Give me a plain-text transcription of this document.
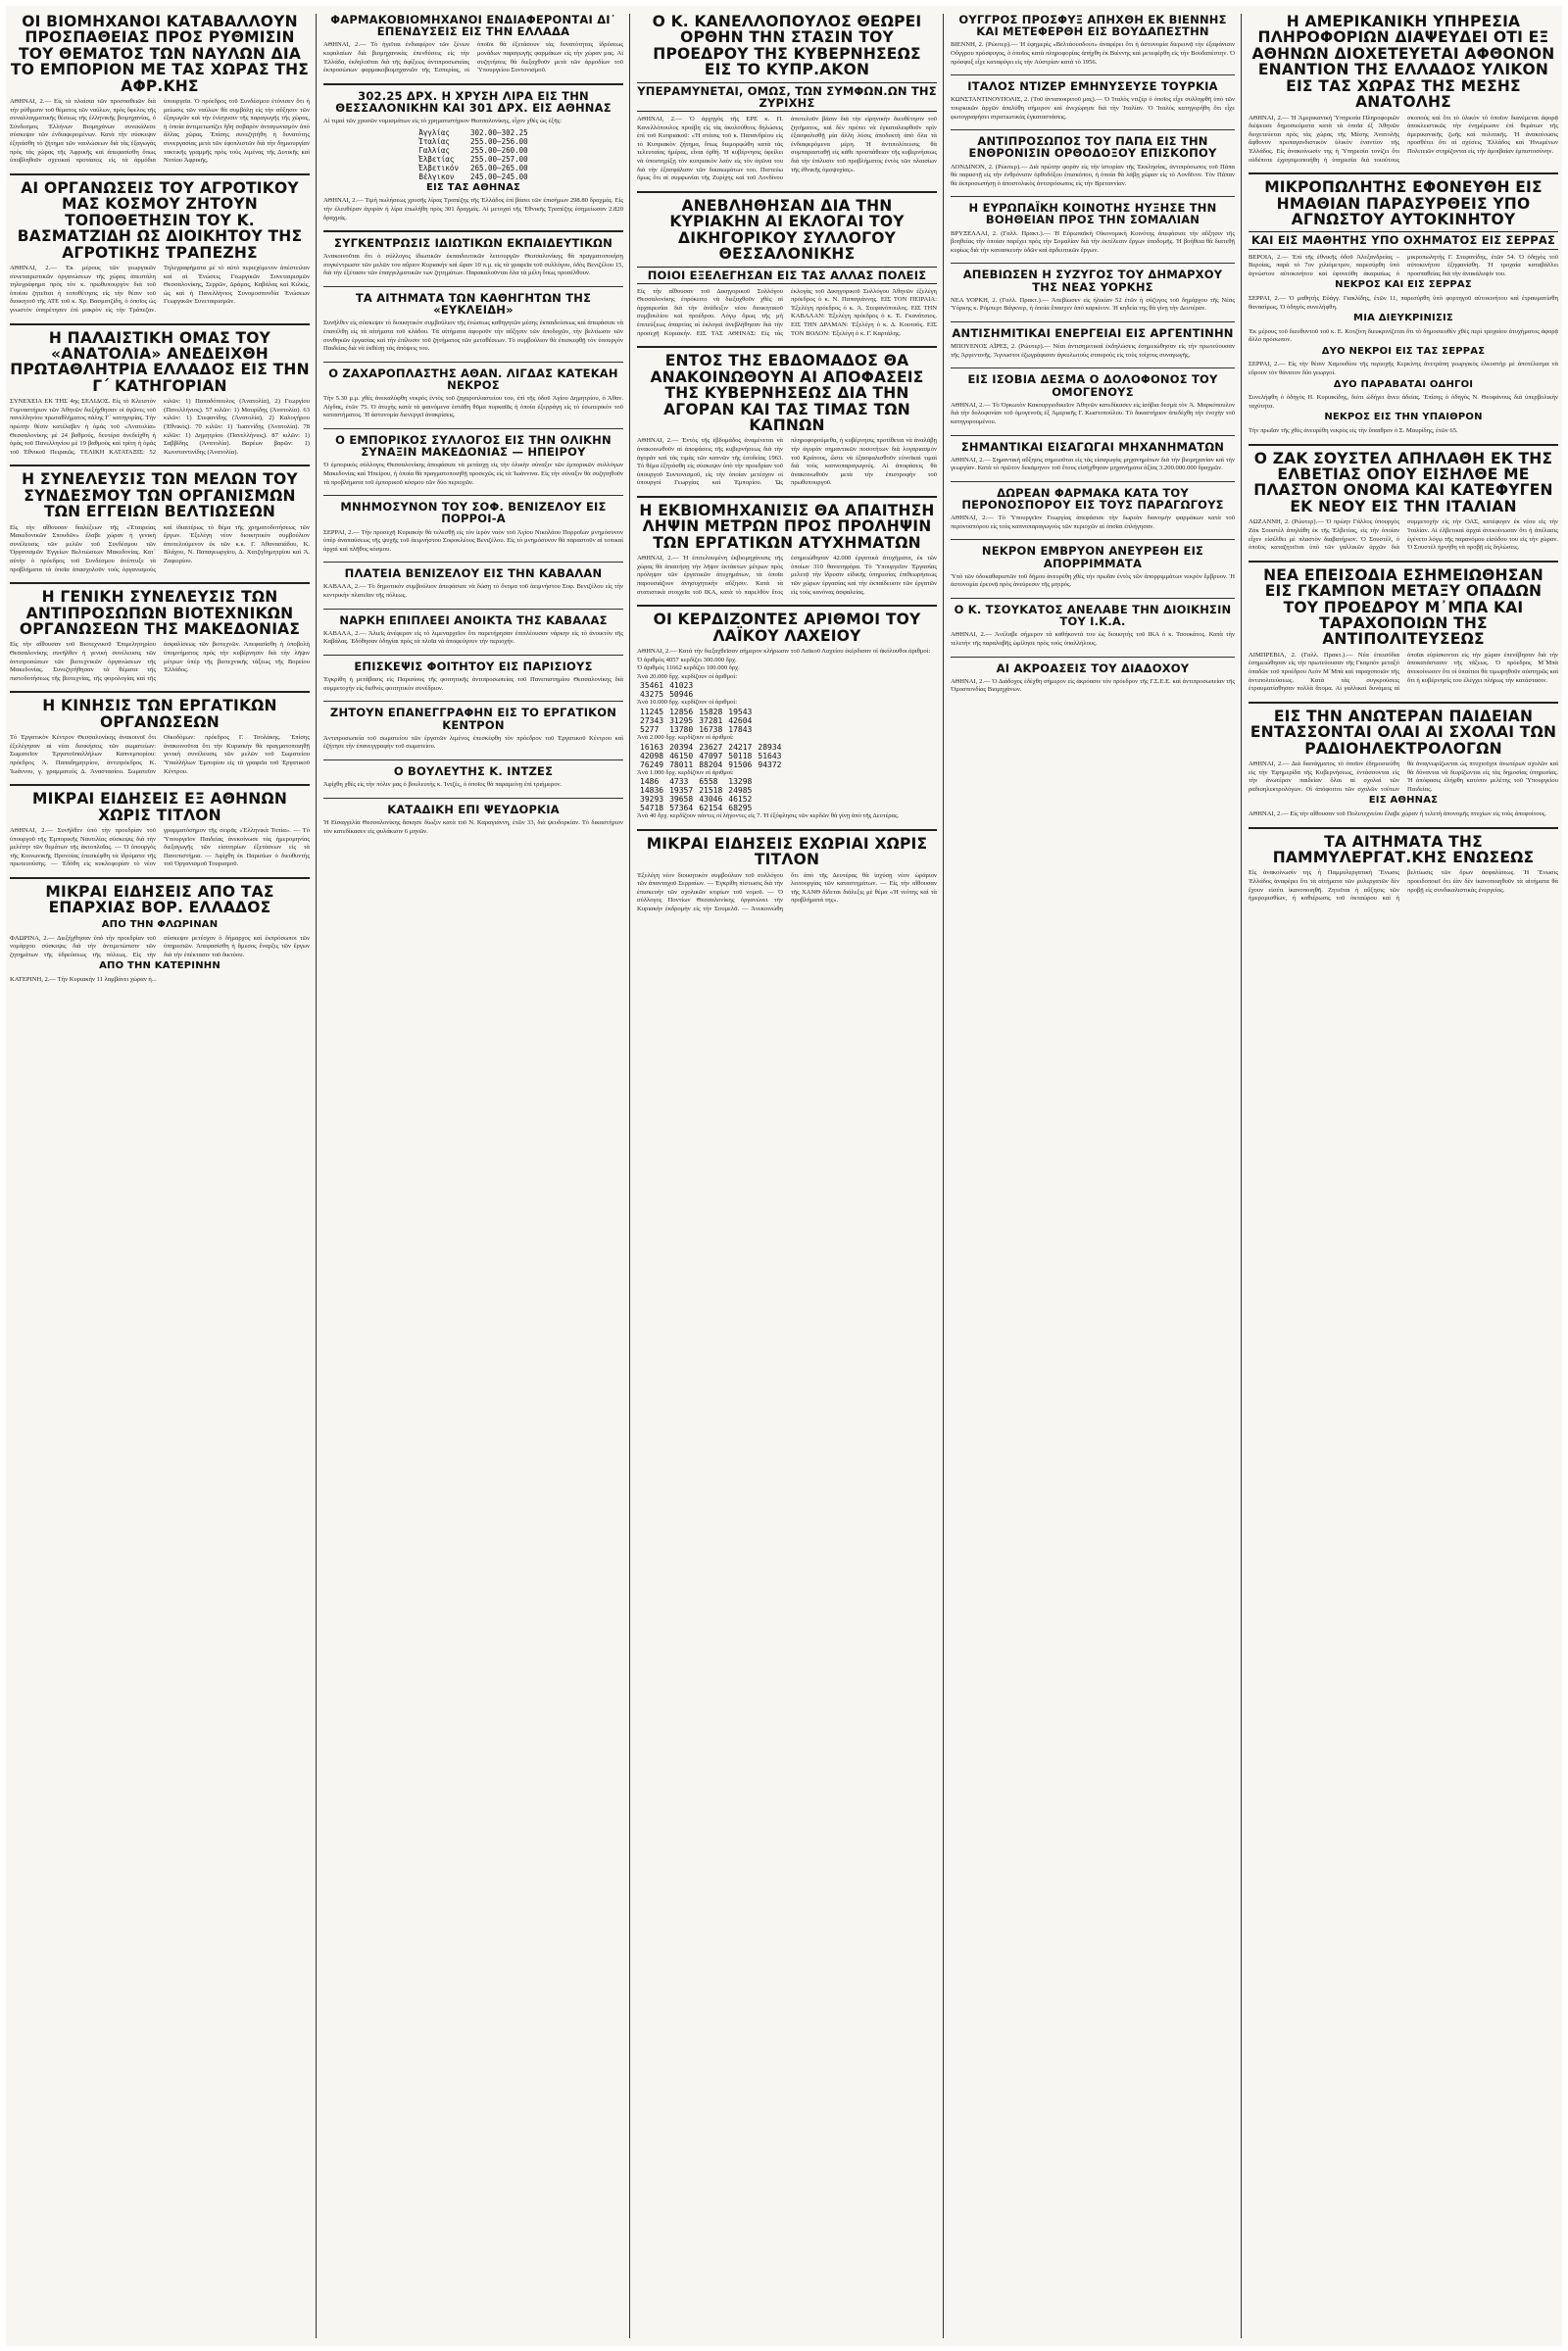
ΟΙ ΒΙΟΜΗΧΑΝΟΙ ΚΑΤΑΒΑΛΛΟΥΝ ΠΡΟΣΠΑΘΕΙΑΣ ΠΡΟΣ ΡΥΘΜΙΣΙΝ ΤΟΥ ΘΕΜΑΤΟΣ ΤΩΝ ΝΑΥΛΩΝ ΔΙΑ ΤΟ ΕΜΠΟΡΙΟΝ ΜΕ ΤΑΣ ΧΩΡΑΣ ΤΗΣ ΑΦΡ.ΚΗΣ

ΑΘΗΝΑΙ, 2.— Εἰς τὰ πλαίσια τῶν προσπαθειῶν διὰ τὴν ρύθμισιν τοῦ θέματος τῶν ναύλων, πρὸς ὄφελος τῆς συναλλαγματικῆς θέσεως τῆς ἑλληνικῆς βιομηχανίας, ὁ Σύνδεσμος Ἑλλήνων Βιομηχάνων συνεκάλεσε σύσκεψιν τῶν ἐνδιαφερομένων. Κατὰ τὴν σύσκεψιν ἐξητάσθη τὸ ζήτημα τῶν ναυλώσεων διὰ τὰς ἐξαγωγὰς πρὸς τὰς χώρας τῆς Ἀφρικῆς καὶ ἀπεφασίσθη ὅπως ὑποβληθοῦν σχετικαὶ προτάσεις εἰς τὰ ἁρμόδια ὑπουργεῖα. Ὁ πρόεδρος τοῦ Συνδέσμου ἐτόνισεν ὅτι ἡ μείωσις τῶν ναύλων θὰ συμβάλῃ εἰς τὴν αὔξησιν τῶν ἐξαγωγῶν καὶ τὴν ἐνίσχυσιν τῆς παραγωγῆς τῆς χώρας, ἡ ὁποία ἀντιμετωπίζει ἤδη σοβαρὸν ἀνταγωνισμὸν ἀπὸ ἄλλας χώρας. Ἐπίσης συνεζητήθη ἡ δυνατότης συνεργασίας μετὰ τῶν ἐφοπλιστῶν διὰ τὴν δημιουργίαν τακτικῆς γραμμῆς πρὸς τοὺς λιμένας τῆς Δυτικῆς καὶ Νοτίου Ἀφρικῆς.

ΑΙ ΟΡΓΑΝΩΣΕΙΣ ΤΟΥ ΑΓΡΟΤΙΚΟΥ ΜΑΣ ΚΟΣΜΟΥ ΖΗΤΟΥΝ ΤΟΠΟΘΕΤΗΣΙΝ ΤΟΥ Κ. ΒΑΣΜΑΤΖΙΔΗ ΩΣ ΔΙΟΙΚΗΤΟΥ ΤΗΣ ΑΓΡΟΤΙΚΗΣ ΤΡΑΠΕΖΗΣ

ΑΘΗΝΑΙ, 2.— Ἐκ μέρους τῶν γεωργικῶν συνεταιριστικῶν ὀργανώσεων τῆς χώρας ἀπεστάλη τηλεγράφημα πρὸς τὸν κ. πρωθυπουργὸν διὰ τοῦ ὁποίου ζητεῖται ἡ τοποθέτησις εἰς τὴν θέσιν τοῦ διοικητοῦ τῆς ΑΤΕ τοῦ κ. Χρ. Βασματζίδη, ὁ ὁποῖος ὡς γνωστὸν ὑπηρέτησεν ἐπὶ μακρὸν εἰς τὴν Τράπεζαν. Τηλεγραφήματα μὲ τὸ αὐτὸ περιεχόμενον ἀπέστειλαν καὶ αἱ Ἑνώσεις Γεωργικῶν Συνεταιρισμῶν Θεσσαλονίκης, Σερρῶν, Δράμας, Καβάλας καὶ Κιλκὶς, ὡς καὶ ἡ Πανελλήνιος Συνομοσπονδία Ἑνώσεων Γεωργικῶν Συνεταιρισμῶν.

Η ΠΑΛΑΙΣΤΙΚΗ ΟΜΑΣ ΤΟΥ «ΑΝΑΤΟΛΙΑ» ΑΝΕΔΕΙΧΘΗ ΠΡΩΤΑΘΛΗΤΡΙΑ ΕΛΛΑΔΟΣ ΕΙΣ ΤΗΝ Γ΄ ΚΑΤΗΓΟΡΙΑΝ

ΣΥΝΕΧΕΙΑ ΕΚ ΤΗΣ 4ης ΣΕΛΙΔΟΣ. Εἰς τὸ Κλειστὸν Γυμναστήριον τῶν Ἀθηνῶν διεξήχθησαν οἱ ἀγῶνες τοῦ πανελληνίου πρωταθλήματος πάλης Γ΄ κατηγορίας. Τὴν πρώτην θέσιν κατέλαβεν ἡ ὁμὰς τοῦ «Ἀνατολία» Θεσσαλονίκης μὲ 24 βαθμούς, δευτέρα ἀνεδείχθη ἡ ὁμὰς τοῦ Πανελληνίου μὲ 19 βαθμοὺς καὶ τρίτη ἡ ὁμὰς τοῦ Ἐθνικοῦ Πειραιῶς. ΤΕΛΙΚΗ ΚΑΤΑΤΑΞΙΣ: 52 κιλῶν: 1) Παπαδόπουλος (Ἀνατολία), 2) Γεωργίου (Πανελλήνιος). 57 κιλῶν: 1) Μαυρίδης (Ἀνατολία). 63 κιλῶν: 1) Στεφανίδης (Ἀνατολία), 2) Καλογήρου (Ἐθνικός). 70 κιλῶν: 1) Ἰωαννίδης (Ἀνατολία). 78 κιλῶν: 1) Δημητρίου (Πανελλήνιος). 87 κιλῶν: 1) Σαββίδης (Ἀνατολία). Βαρέων βαρῶν: 1) Κωνσταντινίδης (Ἀνατολία).

Η ΣΥΝΕΛΕΥΣΙΣ ΤΩΝ ΜΕΛΩΝ ΤΟΥ ΣΥΝΔΕΣΜΟΥ ΤΩΝ ΟΡΓΑΝΙΣΜΩΝ ΤΩΝ ΕΓΓΕΙΩΝ ΒΕΛΤΙΩΣΕΩΝ

Εἰς τὴν αἴθουσαν διαλέξεων τῆς «Ἑταιρείας Μακεδονικῶν Σπουδῶν» ἔλαβε χώραν ἡ γενικὴ συνέλευσις τῶν μελῶν τοῦ Συνδέσμου τῶν Ὀργανισμῶν Ἐγγείων Βελτιώσεων Μακεδονίας. Κατ᾽ αὐτὴν ὁ πρόεδρος τοῦ Συνδέσμου ἀνέπτυξε τὰ προβλήματα τὰ ὁποῖα ἀπασχολοῦν τοὺς ὀργανισμοὺς καὶ ἰδιαιτέρως τὸ θέμα τῆς χρηματοδοτήσεως τῶν ἔργων. Ἐξελέγη νέον διοικητικὸν συμβούλιον ἀποτελούμενον ἐκ τῶν κ.κ. Γ. Ἀθανασιάδου, Κ. Βλάχου, Ν. Παπαγεωργίου, Δ. Χατζηδημητρίου καὶ Ἀ. Ζαφειρίου.

Η ΓΕΝΙΚΗ ΣΥΝΕΛΕΥΣΙΣ ΤΩΝ ΑΝΤΙΠΡΟΣΩΠΩΝ ΒΙΟΤΕΧΝΙΚΩΝ ΟΡΓΑΝΩΣΕΩΝ ΤΗΣ ΜΑΚΕΔΟΝΙΑΣ

Εἰς τὴν αἴθουσαν τοῦ Βιοτεχνικοῦ Ἐπιμελητηρίου Θεσσαλονίκης συνῆλθεν ἡ γενικὴ συνέλευσις τῶν ἀντιπροσώπων τῶν βιοτεχνικῶν ὀργανώσεων τῆς Μακεδονίας. Συνεζητήθησαν τὰ θέματα τῆς πιστοδοτήσεως τῆς βιοτεχνίας, τῆς φορολογίας καὶ τῆς ἀσφαλίσεως τῶν βιοτεχνῶν. Ἀπεφασίσθη ἡ ὑποβολὴ ὑπομνήματος πρὸς τὴν κυβέρνησιν διὰ τὴν λῆψιν μέτρων ὑπὲρ τῆς βιοτεχνικῆς τάξεως τῆς Βορείου Ἑλλάδος.

Η ΚΙΝΗΣΙΣ ΤΩΝ ΕΡΓΑΤΙΚΩΝ ΟΡΓΑΝΩΣΕΩΝ

Τὸ Ἐργατικὸν Κέντρον Θεσσαλονίκης ἀνακοινοῖ ὅτι ἐξελέγησαν αἱ νέαι διοικήσεις τῶν σωματείων: Σωματεῖον Ἐργατοϋπαλλήλων Καπνεμπορίου: πρόεδρος Ἀ. Παπαδημητρίου, ἀντιπρόεδρος Κ. Ἰωάννου, γ. γραμματεὺς Δ. Ἀναστασίου. Σωματεῖον Οἰκοδόμων: πρόεδρος Γ. Τσολάκης. Ἐπίσης ἀνακοινοῦται ὅτι τὴν Κυριακὴν θὰ πραγματοποιηθῇ γενικὴ συνέλευσις τῶν μελῶν τοῦ Σωματείου Ὑπαλλήλων Ἐμπορίου εἰς τὰ γραφεῖα τοῦ Ἐργατικοῦ Κέντρου.

ΜΙΚΡΑΙ ΕΙΔΗΣΕΙΣ ΕΞ ΑΘΗΝΩΝ ΧΩΡΙΣ ΤΙΤΛΟΝ

ΑΘΗΝΑΙ, 2.— Συνῆλθεν ὑπὸ τὴν προεδρίαν τοῦ ὑπουργοῦ τῆς Ἐμπορικῆς Ναυτιλίας σύσκεψις διὰ τὴν μελέτην τῶν θεμάτων τῆς ἀκτοπλοΐας. — Ὁ ὑπουργὸς τῆς Κοινωνικῆς Προνοίας ἐπεσκέφθη τὰ ἱδρύματα τῆς πρωτευούσης. — Ἐδόθη εἰς κυκλοφορίαν τὸ νέον γραμματόσημον τῆς σειρᾶς «Ἑλληνικὰ Τοπία». — Τὸ Ὑπουργεῖον Παιδείας ἀνεκοίνωσε τὰς ἡμερομηνίας διεξαγωγῆς τῶν εἰσιτηρίων ἐξετάσεων εἰς τὰ Πανεπιστήμια. — Ἀφίχθη ἐκ Παρισίων ὁ διευθυντὴς τοῦ Ὀργανισμοῦ Τουρισμοῦ.

ΜΙΚΡΑΙ ΕΙΔΗΣΕΙΣ ΑΠΟ ΤΑΣ ΕΠΑΡΧΙΑΣ ΒΟΡ. ΕΛΛΑΔΟΣ
ΑΠΟ ΤΗΝ ΦΛΩΡΙΝΑΝ

ΦΛΩΡΙΝΑ, 2.— Διεξήχθησαν ὑπὸ τὴν προεδρίαν τοῦ νομάρχου σύσκεψις διὰ τὴν ἀντιμετώπισιν τῶν ζητημάτων τῆς ὑδρεύσεως τῆς πόλεως. Εἰς τὴν σύσκεψιν μετέσχον ὁ δήμαρχος καὶ ἐκπρόσωποι τῶν ὑπηρεσιῶν. Ἀπεφασίσθη ἡ ἄμεσος ἔναρξις τῶν ἔργων διὰ τὴν ἐπέκτασιν τοῦ δικτύου.

ΑΠΟ ΤΗΝ ΚΑΤΕΡΙΝΗΝ

ΚΑΤΕΡΙΝΗ, 2.— Τὴν Κυριακὴν 11 λαμβάνει χώραν ἡ...

ΦΑΡΜΑΚΟΒΙΟΜΗΧΑΝΟΙ ΕΝΔΙΑΦΕΡΟΝΤΑΙ ΔΙ᾽ ΕΠΕΝΔΥΣΕΙΣ ΕΙΣ ΤΗΝ ΕΛΛΑΔΑ

ΑΘΗΝΑΙ, 2.— Τὸ ἡγεῖται ἐνδιαφέρον τῶν ξένων κεφαλαίων διὰ βιομηχανικὰς ἐπενδύσεις εἰς τὴν Ἑλλάδα, ἐκδηλοῦται διὰ τῆς ἀφίξεως ἀντιπροσωπείας ἐκπροσώπων φαρμακοβιομηχανιῶν τῆς Ἑσπερίας, οἱ ὁποῖοι θὰ ἐξετάσουν τὰς δυνατότητας ἱδρύσεως μονάδων παραγωγῆς φαρμάκων εἰς τὴν χώραν μας. Αἱ συζητήσεις θὰ διεξαχθοῦν μετὰ τῶν ἁρμοδίων τοῦ Ὑπουργείου Συντονισμοῦ.

302.25 ΔΡΧ. Η ΧΡΥΣΗ ΛΙΡΑ ΕΙΣ ΤΗΝ ΘΕΣΣΑΛΟΝΙΚΗΝ ΚΑΙ 301 ΔΡΧ. ΕΙΣ ΑΘΗΝΑΣ

Αἱ τιμαὶ τῶν χρυσῶν νομισμάτων εἰς τὸ χρηματιστήριον Θεσσαλονίκης, εἶχον χθὲς ὡς ἑξῆς:

Ἀγγλίας	302.00—302.25
Ἰταλίας	255.00—256.00
Γαλλίας	255.00—260.00
Ἑλβετίας	255.00—257.00
Ἐλβετικόν	265.00—265.00
Βέλγικον	245.00—245.00
ΕΙΣ ΤΑΣ ΑΘΗΝΑΣ

ΑΘΗΝΑΙ, 2.— Τιμὴ πωλήσεως χρυσῆς λίρας Τραπέζης τῆς Ἑλλάδος ἐπὶ βάσει τῶν ἐπισήμων 298.80 δραχμάς. Εἰς τὴν ἐλευθέραν ἀγορὰν ἡ λίρα ἐπωλήθη πρὸς 301 δραχμάς. Αἱ μετοχαὶ τῆς Ἐθνικῆς Τραπέζης ἐσημείωσαν 2.820 δραχμάς.

ΣΥΓΚΕΝΤΡΩΣΙΣ ΙΔΙΩΤΙΚΩΝ ΕΚΠΑΙΔΕΥΤΙΚΩΝ

Ἀνακοινοῦται ὅτι ὁ σύλλογος ἰδιωτικῶν ἐκπαιδευτικῶν λειτουργῶν Θεσσαλονίκης θὰ πραγματοποιήσῃ συγκέντρωσιν τῶν μελῶν του αὔριον Κυριακὴν καὶ ὥραν 10 π.μ. εἰς τὰ γραφεῖα τοῦ συλλόγου, ὁδὸς Βενιζέλου 15, διὰ τὴν ἐξέτασιν τῶν ἐπαγγελματικῶν των ζητημάτων. Παρακαλοῦνται ὅλα τὰ μέλη ὅπως προσέλθουν.

ΤΑ ΑΙΤΗΜΑΤΑ ΤΩΝ ΚΑΘΗΓΗΤΩΝ ΤΗΣ «ΕΥΚΛΕΙΔΗ»

Συνῆλθεν εἰς σύσκεψιν τὸ διοικητικὸν συμβούλιον τῆς ἑνώσεως καθηγητῶν μέσης ἐκπαιδεύσεως καὶ ἀπεφάσισε νὰ ἐπανέλθῃ εἰς τὰ αἰτήματα τοῦ κλάδου. Τὰ αἰτήματα ἀφοροῦν τὴν αὔξησιν τῶν ἀποδοχῶν, τὴν βελτίωσιν τῶν συνθηκῶν ἐργασίας καὶ τὴν ἐπίλυσιν τοῦ ζητήματος τῶν μεταθέσεων. Τὸ συμβούλιον θὰ ἐπισκεφθῇ τὸν ὑπουργὸν Παιδείας διὰ νὰ ἐκθέσῃ τὰς ἀπόψεις του.

Ο ΖΑΧΑΡΟΠΛΑΣΤΗΣ ΑΘΑΝ. ΛΙΓΔΑΣ ΚΑΤΕΚΑΗ ΝΕΚΡΟΣ

Τὴν 5.30 μ.μ. χθὲς ἀνεκαλύφθη νεκρὸς ἐντὸς τοῦ ζαχαροπλαστείου του, ἐπὶ τῆς ὁδοῦ Ἀγίου Δημητρίου, ὁ Ἀθαν. Λίγδας, ἐτῶν 75. Ὁ ἀτυχὴς κατὰ τὰ φαινόμενα ἐστάθη θῦμα πυρκαϊᾶς ἡ ὁποία ἐξερράγη εἰς τὸ ἐσωτερικὸν τοῦ καταστήματος. Ἡ ἀστυνομία διενεργεῖ ἀνακρίσεις.

Ο ΕΜΠΟΡΙΚΟΣ ΣΥΛΛΟΓΟΣ ΕΙΣ ΤΗΝ ΟΛΙΚΗΝ ΣΥΝΑΞΙΝ ΜΑΚΕΔΟΝΙΑΣ — ΗΠΕΙΡΟΥ

Ὁ ἐμπορικὸς σύλλογος Θεσσαλονίκης ἀποφάσισε νὰ μετάσχῃ εἰς τὴν ὁλικὴν σύναξιν τῶν ἐμπορικῶν συλλόγων Μακεδονίας καὶ Ἠπείρου, ἡ ὁποία θὰ πραγματοποιηθῇ προσεχῶς εἰς τὰ Ἰωάννινα. Εἰς τὴν σύναξιν θὰ συζητηθοῦν τὰ προβλήματα τοῦ ἐμπορικοῦ κόσμου τῶν δύο περιοχῶν.

ΜΝΗΜΟΣΥΝΟΝ ΤΟΥ ΣΟΦ. ΒΕΝΙΖΕΛΟΥ ΕΙΣ ΠΟΡΡΟΙ-Α

ΣΕΡΡΑΙ, 2.— Τὴν προσεχῆ Κυριακὴν θὰ τελεσθῇ εἰς τὸν ἱερὸν ναὸν τοῦ Ἁγίου Νικολάου Πορροΐων μνημόσυνον ὑπὲρ ἀναπαύσεως τῆς ψυχῆς τοῦ ἀειμνήστου Σοφοκλέους Βενιζέλου. Εἰς τὸ μνημόσυνον θὰ παραστοῦν αἱ τοπικαὶ ἀρχαὶ καὶ πλῆθος κόσμου.

ΠΛΑΤΕΙΑ ΒΕΝΙΖΕΛΟΥ ΕΙΣ ΤΗΝ ΚΑΒΑΛΑΝ

ΚΑΒΑΛΑ, 2.— Τὸ δημοτικὸν συμβούλιον ἀπεφάσισε νὰ δώσῃ τὸ ὄνομα τοῦ ἀειμνήστου Σοφ. Βενιζέλου εἰς τὴν κεντρικὴν πλατεῖαν τῆς πόλεως.

ΝΑΡΚΗ ΕΠΙΠΛΕΕΙ ΑΝΟΙΚΤΑ ΤΗΣ ΚΑΒΑΛΑΣ

ΚΑΒΑΛΑ, 2.— Ἁλιεῖς ἀνέφεραν εἰς τὸ λιμεναρχεῖον ὅτι παρετήρησαν ἐπιπλέουσαν νάρκην εἰς τὸ ἀνοικτὸν τῆς Καβάλας. Ἐδόθησαν ὁδηγίαι πρὸς τὰ πλοῖα νὰ ἀποφεύγουν τὴν περιοχήν.

ΕΠΙΣΚΕΨΙΣ ΦΟΙΤΗΤΟΥ ΕΙΣ ΠΑΡΙΣΙΟΥΣ

Ἐγκρίθη ἡ μετάβασις εἰς Παρισίους τῆς φοιτητικῆς ἀντιπροσωπείας τοῦ Πανεπιστημίου Θεσσαλονίκης διὰ συμμετοχὴν εἰς διεθνὲς φοιτητικὸν συνέδριον.

ΖΗΤΟΥΝ ΕΠΑΝΕΓΓΡΑΦΗΝ ΕΙΣ ΤΟ ΕΡΓΑΤΙΚΟΝ ΚΕΝΤΡΟΝ

Ἀντιπροσωπεία τοῦ σωματείου τῶν ἐργατῶν λιμένος ἐπεσκέφθη τὸν πρόεδρον τοῦ Ἐργατικοῦ Κέντρου καὶ ἐζήτησε τὴν ἐπανεγγραφὴν τοῦ σωματείου.

Ο ΒΟΥΛΕΥΤΗΣ Κ. ΙΝΤΖΕΣ

Ἀφίχθη χθὲς εἰς τὴν πόλιν μας ὁ βουλευτὴς κ. Ἰντζὲς, ὁ ὁποῖος θὰ παραμείνῃ ἐπὶ τριήμερον.

ΚΑΤΑΔΙΚΗ ΕΠΙ ΨΕΥΔΟΡΚΙΑ

Ἡ Εἰσαγγελία Θεσσαλονίκης ἄσκησε δίωξιν κατὰ τοῦ Ν. Καραγιάννη, ἐτῶν 33, διὰ ψευδορκίαν. Τὸ δικαστήριον τὸν κατεδίκασεν εἰς φυλάκισιν 6 μηνῶν.

Ο Κ. ΚΑΝΕΛΛΟΠΟΥΛΟΣ ΘΕΩΡΕΙ ΟΡΘΗΝ ΤΗΝ ΣΤΑΣΙΝ ΤΟΥ ΠΡΟΕΔΡΟΥ ΤΗΣ ΚΥΒΕΡΝΗΣΕΩΣ ΕΙΣ ΤΟ ΚΥΠΡ.ΑΚΟΝ
ΥΠΕΡΑΜΥΝΕΤΑΙ, ΟΜΩΣ, ΤΩΝ ΣΥΜΦΩΝ.ΩΝ ΤΗΣ ΖΥΡΙΧΗΣ

ΑΘΗΝΑΙ, 2.— Ὁ ἀρχηγὸς τῆς ΕΡΕ κ. Π. Κανελλόπουλος προέβη εἰς τὰς ἀκολούθους δηλώσεις ἐπὶ τοῦ Κυπριακοῦ: «Ἡ στάσις τοῦ κ. Παπανδρέου εἰς τὸ Κυπριακὸν ζήτημα, ὅπως διεμορφώθη κατὰ τὰς τελευταίας ἡμέρας, εἶναι ὀρθή. Ἡ κυβέρνησις ὀφείλει νὰ ὑποστηρίξῃ τὸν κυπριακὸν λαὸν εἰς τὸν ἀγῶνα του διὰ τὴν ἐξασφάλισιν τῶν δικαιωμάτων του. Πιστεύω ὅμως ὅτι αἱ συμφωνίαι τῆς Ζυρίχης καὶ τοῦ Λονδίνου ἀποτελοῦν βάσιν διὰ τὴν εἰρηνικὴν διευθέτησιν τοῦ ζητήματος, καὶ δὲν πρέπει νὰ ἐγκαταλειφθοῦν πρὶν ἐξασφαλισθῇ μία ἄλλη λύσις ἀποδεκτὴ ἀπὸ ὅλα τὰ ἐνδιαφερόμενα μέρη. Ἡ ἀντιπολίτευσις θὰ συμπαρασταθῇ εἰς κάθε προσπάθειαν τῆς κυβερνήσεως διὰ τὴν ἐπίλυσιν τοῦ προβλήματος ἐντὸς τῶν πλαισίων τῆς ἐθνικῆς ὁμοψυχίας».

ΑΝΕΒΛΗΘΗΣΑΝ ΔΙΑ ΤΗΝ ΚΥΡΙΑΚΗΝ ΑΙ ΕΚΛΟΓΑΙ ΤΟΥ ΔΙΚΗΓΟΡΙΚΟΥ ΣΥΛΛΟΓΟΥ ΘΕΣΣΑΛΟΝΙΚΗΣ
ΠΟΙΟΙ ΕΞΕΛΕΓΗΣΑΝ ΕΙΣ ΤΑΣ ΑΛΛΑΣ ΠΟΛΕΙΣ

Εἰς τὴν αἴθουσαν τοῦ Δικηγορικοῦ Συλλόγου Θεσσαλονίκης ἐπρόκειτο νὰ διεξαχθοῦν χθὲς αἱ ἀρχαιρεσίαι διὰ τὴν ἀνάδειξιν νέου διοικητικοῦ συμβουλίου καὶ προέδρου. Λόγῳ ὅμως τῆς μὴ ἐπιτεύξεως ἀπαρτίας αἱ ἐκλογαὶ ἀνεβλήθησαν διὰ τὴν προσεχῆ Κυριακήν. ΕΙΣ ΤΑΣ ΑΘΗΝΑΣ: Εἰς τὰς ἐκλογὰς τοῦ Δικηγορικοῦ Συλλόγου Ἀθηνῶν ἐξελέγη πρόεδρος ὁ κ. Ν. Παπαγιάννης. ΕΙΣ ΤΟΝ ΠΕΙΡΑΙΑ: Ἐξελέγη πρόεδρος ὁ κ. Ἀ. Στεφανόπουλος. ΕΙΣ ΤΗΝ ΚΑΒΑΛΑΝ: Ἐξελέγη πρόεδρος ὁ κ. Ἐ. Γκανάτσιος. ΕΙΣ ΤΗΝ ΔΡΑΜΑΝ: Ἐξελέγη ὁ κ. Δ. Κουτσός. ΕΙΣ ΤΟΝ ΒΟΛΟΝ: Ἐξελέγη ὁ κ. Γ. Καρτάλης.

ΕΝΤΟΣ ΤΗΣ ΕΒΔΟΜΑΔΟΣ ΘΑ ΑΝΑΚΟΙΝΩΘΟΥΝ ΑΙ ΑΠΟΦΑΣΕΙΣ ΤΗΣ ΚΥΒΕΡΝΗΣΕΩΣ ΔΙΑ ΤΗΝ ΑΓΟΡΑΝ ΚΑΙ ΤΑΣ ΤΙΜΑΣ ΤΩΝ ΚΑΠΝΩΝ

ΑΘΗΝΑΙ, 2.— Ἐντὸς τῆς ἑβδομάδος ἀναμένεται νὰ ἀνακοινωθοῦν αἱ ἀποφάσεις τῆς κυβερνήσεως διὰ τὴν ἀγορὰν καὶ τὰς τιμὰς τῶν καπνῶν τῆς ἐσοδείας 1963. Τὸ θέμα ἐξητάσθη εἰς σύσκεψιν ὑπὸ τὴν προεδρίαν τοῦ ὑπουργοῦ Συντονισμοῦ, εἰς τὴν ὁποίαν μετέσχον οἱ ὑπουργοὶ Γεωργίας καὶ Ἐμπορίου. Ὡς πληροφορούμεθα, ἡ κυβέρνησις προτίθεται νὰ ἀναλάβῃ τὴν ἀγορὰν σημαντικῶν ποσοτήτων διὰ λογαριασμὸν τοῦ Κράτους, ὥστε νὰ ἐξασφαλισθοῦν εὐνοϊκαὶ τιμαὶ διὰ τοὺς καπνοπαραγωγούς. Αἱ ἀποφάσεις θὰ ἀνακοινωθοῦν μετὰ τὴν ἐπιστροφὴν τοῦ πρωθυπουργοῦ.

Η ΕΚΒΙΟΜΗΧΑΝΙΣΙΣ ΘΑ ΑΠΑΙΤΗΣΗ ΛΗΨΙΝ ΜΕΤΡΩΝ ΠΡΟΣ ΠΡΟΛΗΨΙΝ ΤΩΝ ΕΡΓΑΤΙΚΩΝ ΑΤΥΧΗΜΑΤΩΝ

ΑΘΗΝΑΙ, 2.— Ἡ ἐπιτελουμένη ἐκβιομηχάνισις τῆς χώρας θὰ ἀπαιτήσῃ τὴν λῆψιν ἐκτάκτων μέτρων πρὸς πρόληψιν τῶν ἐργατικῶν ἀτυχημάτων, τὰ ὁποῖα παρουσιάζουν ἀνησυχητικὴν αὔξησιν. Κατὰ τὰ στατιστικὰ στοιχεῖα τοῦ ΙΚΑ, κατὰ τὸ παρελθὸν ἔτος ἐσημειώθησαν 42.000 ἐργατικὰ ἀτυχήματα, ἐκ τῶν ὁποίων 310 θανατηφόρα. Τὸ Ὑπουργεῖον Ἐργασίας μελετᾷ τὴν ἵδρυσιν εἰδικῆς ὑπηρεσίας ἐπιθεωρήσεως τῶν χώρων ἐργασίας καὶ τὴν ἐκπαίδευσιν τῶν ἐργατῶν εἰς τοὺς κανόνας ἀσφαλείας.

ΟΙ ΚΕΡΔΙΖΟΝΤΕΣ ΑΡΙΘΜΟΙ ΤΟΥ ΛΑΪΚΟΥ ΛΑΧΕΙΟΥ

ΑΘΗΝΑΙ, 2.— Κατὰ τὴν διεξαχθεῖσαν σήμερον κλήρωσιν τοῦ Λαϊκοῦ Λαχείου ἐκέρδισαν οἱ ἀκόλουθοι ἀριθμοί:

Ὁ ἀριθμὸς 4057 κερδίζει 300.000 δρχ.

Ὁ ἀριθμὸς 11662 κερδίζει 100.000 δρχ.

Ἀνὰ 20.000 δρχ. κερδίζουν οἱ ἀριθμοί:

35461	41023
43275	50946

Ἀνὰ 10.000 δρχ. κερδίζουν οἱ ἀριθμοί:

11245	12856	15828	19543
27343	31295	37281	42604
5277	13780	16738	17843

Ἀνὰ 2.000 δρχ. κερδίζουν οἱ ἀριθμοί:

16163	20394	23627	24217	28934
42098	46150	47097	50118	51643
76249	78011	88204	91506	94372

Ἀνὰ 1.000 δρχ. κερδίζουν οἱ ἀριθμοί:

1486	4733	6558	13298
14836	19357	21518	24985
39293	39658	43046	46152
54718	57364	62154	68295

Ἀνὰ 40 δρχ. κερδίζουν πάντες οἱ λήγοντες εἰς 7. Ἡ ἐξόφλησις τῶν κερδῶν θὰ γίνῃ ἀπὸ τῆς Δευτέρας.

ΜΙΚΡΑΙ ΕΙΔΗΣΕΙΣ ΕΧΩΡΙΑΙ ΧΩΡΙΣ ΤΙΤΛΟΝ

Ἐξελέγη νέον διοικητικὸν συμβούλιον τοῦ συλλόγου τῶν ἀπανταχοῦ Σερραίων. — Ἐγκρίθη πίστωσις διὰ τὴν ἐπισκευὴν τῶν σχολικῶν κτιρίων τοῦ νομοῦ. — Ὁ σύλλογος Ποντίων Θεσσαλονίκης ὀργανώνει τὴν Κυριακὴν ἐκδρομὴν εἰς τὴν Σουμελᾶ. — Ἀνεκοινώθη ὅτι ἀπὸ τῆς Δευτέρας θὰ ἰσχύσῃ νέον ὡράριον λειτουργίας τῶν καταστημάτων. — Εἰς τὴν αἴθουσαν τῆς ΧΑΝΘ δίδεται διάλεξις μὲ θέμα «Ἡ νεότης καὶ τὰ προβλήματά της».

ΟΥΓΓΡΟΣ ΠΡΟΣΦΥΞ ΑΠΗΧΘΗ ΕΚ ΒΙΕΝΝΗΣ ΚΑΙ ΜΕΤΕΦΕΡΘΗ ΕΙΣ ΒΟΥΔΑΠΕΣΤΗΝ

ΒΙΕΝΝΗ, 2. (Ρώυτερ).— Ἡ ἐφημερὶς «Βελτάουσδουτ» ἀναφέρει ὅτι ἡ ἀστυνομία διερευνᾷ τὴν ἐξαφάνισιν Οὔγγρου πρόσφυγος, ὁ ὁποῖος κατὰ πληροφορίας ἀπήχθη ἐκ Βιέννης καὶ μετεφέρθη εἰς τὴν Βουδαπέστην. Ὁ πρόσφυξ εἶχε καταφύγει εἰς τὴν Αὐστρίαν κατὰ τὸ 1956.

ΙΤΑΛΟΣ ΝΤΙΖΕΡ ΕΜΗΝΥΣΕΥΣΕ ΤΟΥΡΚΙΑ

ΚΩΝΣΤΑΝΤΙΝΟΥΠΟΛΙΣ, 2. (Τοῦ ἀνταποκριτοῦ μας).— Ὁ Ἰταλὸς ντιζὲρ ὁ ὁποῖος εἶχε συλληφθῆ ὑπὸ τῶν τουρκικῶν ἀρχῶν ἀπελύθη σήμερον καὶ ἀνεχώρησε διὰ τὴν Ἰταλίαν. Ὁ Ἰταλὸς κατηγορήθη ὅτι εἶχε φωτογραφήσει στρατιωτικὰς ἐγκαταστάσεις.

ΑΝΤΙΠΡΟΣΩΠΟΣ ΤΟΥ ΠΑΠΑ ΕΙΣ ΤΗΝ ΕΝΘΡΟΝΙΣΙΝ ΟΡΘΟΔΟΞΟΥ ΕΠΙΣΚΟΠΟΥ

ΛΟΝΔΙΝΟΝ, 2. (Ρώυτερ).— Διὰ πρώτην φορὰν εἰς τὴν ἱστορίαν τῆς Ἐκκλησίας, ἀντιπρόσωπος τοῦ Πάπα θὰ παραστῇ εἰς τὴν ἐνθρόνισιν ὀρθοδόξου ἐπισκόπου, ἡ ὁποία θὰ λάβῃ χώραν εἰς τὸ Λονδῖνον. Τὸν Πάπαν θὰ ἐκπροσωπήσῃ ὁ ἀποστολικὸς ἀντιπρόσωπος εἰς τὴν Βρεταννίαν.

Η ΕΥΡΩΠΑΪΚΗ ΚΟΙΝΟΤΗΣ ΗΥΞΗΣΕ ΤΗΝ ΒΟΗΘΕΙΑΝ ΠΡΟΣ ΤΗΝ ΣΟΜΑΛΙΑΝ

ΒΡΥΞΕΛΛΑΙ, 2. (Γαλλ. Πρακτ.).— Ἡ Εὐρωπαϊκὴ Οἰκονομικὴ Κοινότης ἀπεφάσισε τὴν αὔξησιν τῆς βοηθείας τὴν ὁποίαν παρέχει πρὸς τὴν Σομαλίαν διὰ τὴν ἐκτέλεσιν ἔργων ὑποδομῆς. Ἡ βοήθεια θὰ διατεθῇ κυρίως διὰ τὴν κατασκευὴν ὁδῶν καὶ ἀρδευτικῶν ἔργων.

ΑΠΕΒΙΩΣΕΝ Η ΣΥΖΥΓΟΣ ΤΟΥ ΔΗΜΑΡΧΟΥ ΤΗΣ ΝΕΑΣ ΥΟΡΚΗΣ

ΝΕΑ ΥΟΡΚΗ, 2. (Γαλλ. Πρακτ.).— Ἀπεβίωσεν εἰς ἡλικίαν 52 ἐτῶν ἡ σύζυγος τοῦ δημάρχου τῆς Νέας Ὑόρκης κ. Ρόμπερτ Βάγκνερ, ἡ ὁποία ἔπασχεν ἀπὸ καρκίνον. Ἡ κηδεία της θὰ γίνῃ τὴν Δευτέραν.

ΑΝΤΙΣΗΜΙΤΙΚΑΙ ΕΝΕΡΓΕΙΑΙ ΕΙΣ ΑΡΓΕΝΤΙΝΗΝ

ΜΠΟΥΕΝΟΣ ΑΪΡΕΣ, 2. (Ρώυτερ).— Νέαι ἀντισημιτικαὶ ἐκδηλώσεις ἐσημειώθησαν εἰς τὴν πρωτεύουσαν τῆς Ἀργεντινῆς. Ἄγνωστοι ἐζωγράφισαν ἀγκυλωτοὺς σταυροὺς εἰς τοὺς τοίχους συναγωγῆς.

ΕΙΣ ΙΣΟΒΙΑ ΔΕΣΜΑ Ο ΔΟΛΟΦΟΝΟΣ ΤΟΥ ΟΜΟΓΕΝΟΥΣ

ΑΘΗΝΑΙ, 2.— Τὸ Ὁρκωτὸν Κακουργιοδικεῖον Ἀθηνῶν κατεδίκασεν εἰς ἰσόβια δεσμὰ τὸν Ἀ. Μαρκόπουλον διὰ τὴν δολοφονίαν τοῦ ὁμογενοῦς ἐξ Ἀμερικῆς Γ. Κωστοπούλου. Τὸ δικαστήριον ἀπεδέχθη τὴν ἐνοχὴν τοῦ κατηγορουμένου.

ΣΗΜΑΝΤΙΚΑΙ ΕΙΣΑΓΩΓΑΙ ΜΗΧΑΝΗΜΑΤΩΝ

ΑΘΗΝΑΙ, 2.— Σημαντικὴ αὔξησις σημειοῦται εἰς τὰς εἰσαγωγὰς μηχανημάτων διὰ τὴν βιομηχανίαν καὶ τὴν γεωργίαν. Κατὰ τὸ πρῶτον δεκάμηνον τοῦ ἔτους εἰσήχθησαν μηχανήματα ἀξίας 3.200.000.000 δραχμῶν.

ΔΩΡΕΑΝ ΦΑΡΜΑΚΑ ΚΑΤΑ ΤΟΥ ΠΕΡΟΝΟΣΠΟΡΟΥ ΕΙΣ ΤΟΥΣ ΠΑΡΑΓΩΓΟΥΣ

ΑΘΗΝΑΙ, 2.— Τὸ Ὑπουργεῖον Γεωργίας ἀπεφάσισε τὴν δωρεὰν διανομὴν φαρμάκων κατὰ τοῦ περονοσπόρου εἰς τοὺς καπνοπαραγωγοὺς τῶν περιοχῶν αἱ ὁποῖαι ἐπλήγησαν.

ΝΕΚΡΟΝ ΕΜΒΡΥΟΝ ΑΝΕΥΡΕΘΗ ΕΙΣ ΑΠΟΡΡΙΜΜΑΤΑ

Ὑπὸ τῶν ὀδοκαθαριστῶν τοῦ δήμου ἀνευρέθη χθὲς τὴν πρωΐαν ἐντὸς τῶν ἀπορριμμάτων νεκρὸν ἔμβρυον. Ἡ ἀστυνομία ἐρευνᾷ πρὸς ἀνεύρεσιν τῆς μητρός.

Ο Κ. ΤΣΟΥΚΑΤΟΣ ΑΝΕΛΑΒΕ ΤΗΝ ΔΙΟΙΚΗΣΙΝ ΤΟΥ Ι.Κ.Α.

ΑΘΗΝΑΙ, 2.— Ἀνέλαβε σήμερον τὰ καθήκοντά του ὡς διοικητὴς τοῦ ΙΚΑ ὁ κ. Τσουκάτος. Κατὰ τὴν τελετὴν τῆς παραλαβῆς ὡμίλησε πρὸς τοὺς ὑπαλλήλους.

ΑΙ ΑΚΡΟΑΣΕΙΣ ΤΟΥ ΔΙΑΔΟΧΟΥ

ΑΘΗΝΑΙ, 2.— Ὁ Διάδοχος ἐδέχθη σήμερον εἰς ἀκρόασιν τὸν πρόεδρον τῆς Γ.Σ.Ε.Ε. καὶ ἀντιπροσωπείαν τῆς Ὁμοσπονδίας Βιομηχάνων.

Η ΑΜΕΡΙΚΑΝΙΚΗ ΥΠΗΡΕΣΙΑ ΠΛΗΡΟΦΟΡΙΩΝ ΔΙΑΨΕΥΔΕΙ ΟΤΙ ΕΞ ΑΘΗΝΩΝ ΔΙΟΧΕΤΕΥΕΤΑΙ ΑΦΘΟΝΟΝ ΕΝΑΝΤΙΟΝ ΤΗΣ ΕΛΛΑΔΟΣ ΥΛΙΚΟΝ ΕΙΣ ΤΑΣ ΧΩΡΑΣ ΤΗΣ ΜΕΣΗΣ ΑΝΑΤΟΛΗΣ

ΑΘΗΝΑΙ, 2.— Ἡ Ἀμερικανικὴ Ὑπηρεσία Πληροφοριῶν διέψευσε δημοσιεύματα κατὰ τὰ ὁποῖα ἐξ Ἀθηνῶν διοχετεύεται πρὸς τὰς χώρας τῆς Μέσης Ἀνατολῆς ἄφθονον προπαγανδιστικὸν ὑλικὸν ἐναντίον τῆς Ἑλλάδος. Εἰς ἀνακοίνωσίν της ἡ Ὑπηρεσία τονίζει ὅτι οὐδέποτε ἐχρησιμοποιήθη ἡ ὑπηρεσία διὰ τοιούτους σκοπούς καὶ ὅτι τὸ ὑλικὸν τὸ ὁποῖον διανέμεται ἀφορᾷ ἀποκλειστικῶς τὴν ἐνημέρωσιν ἐπὶ θεμάτων τῆς ἀμερικανικῆς ζωῆς καὶ πολιτικῆς. Ἡ ἀνακοίνωσις προσθέτει ὅτι αἱ σχέσεις Ἑλλάδος καὶ Ἡνωμένων Πολιτειῶν στηρίζονται εἰς τὴν ἀμοιβαίαν ἐμπιστοσύνην.

ΜΙΚΡΟΠΩΛΗΤΗΣ ΕΦΟΝΕΥΘΗ ΕΙΣ ΗΜΑΘΙΑΝ ΠΑΡΑΣΥΡΘΕΙΣ ΥΠΟ ΑΓΝΩΣΤΟΥ ΑΥΤΟΚΙΝΗΤΟΥ
ΚΑΙ ΕΙΣ ΜΑΘΗΤΗΣ ΥΠΟ ΟΧΗΜΑΤΟΣ ΕΙΣ ΣΕΡΡΑΣ

ΒΕΡΟΙΑ, 2.— Ἐπὶ τῆς ἐθνικῆς ὁδοῦ Ἀλεξανδρείας – Βεροίας, παρὰ τὸ 7ον χιλιόμετρον, παρεσύρθη ὑπὸ ἀγνώστου αὐτοκινήτου καὶ ἐφονεύθη ἀκαριαίως ὁ μικροπωλητὴς Γ. Στεφανίδης, ἐτῶν 54. Ὁ ὁδηγὸς τοῦ αὐτοκινήτου ἐξηφανίσθη. Ἡ τροχαία καταβάλλει προσπαθείας διὰ τὴν ἀνακάλυψίν του.

ΝΕΚΡΟΣ ΚΑΙ ΕΙΣ ΣΕΡΡΑΣ

ΣΕΡΡΑΙ, 2.— Ὁ μαθητὴς Εὐάγγ. Γιακλίδης, ἐτῶν 11, παρεσύρθη ὑπὸ φορτηγοῦ αὐτοκινήτου καὶ ἐτραυματίσθη θανασίμως. Ὁ ὁδηγὸς συνελήφθη.

ΜΙΑ ΔΙΕΥΚΡΙΝΙΣΙΣ

Ἐκ μέρους τοῦ διευθυντοῦ τοῦ κ. Ε. Κοτζίνη διευκρινίζεται ὅτι τὸ δημοσιευθὲν χθὲς περὶ τροχαίου ἀτυχήματος ἀφορᾷ ἄλλο πρόσωπον.

ΔΥΟ ΝΕΚΡΟΙ ΕΙΣ ΤΑΣ ΣΕΡΡΑΣ

ΣΕΡΡΑΙ, 2.— Εἰς τὴν θέσιν Χαμουδίου τῆς περιοχῆς Κερκίνης ἀνετράπη γεωργικὸς ἐλκυστὴρ μὲ ἀποτέλεσμα νὰ εὕρουν τὸν θάνατον δύο γεωργοί.

ΔΥΟ ΠΑΡΑΒΑΤΑΙ ΟΔΗΓΟΙ

Συνελήφθη ὁ ὁδηγὸς Η. Κυριακίδης, διότι ὡδήγει ἄνευ ἀδείας. Ἐπίσης ὁ ὁδηγὸς Ν. Θεοφάνους διὰ ὑπερβολικὴν ταχύτητα.

ΝΕΚΡΟΣ ΕΙΣ ΤΗΝ ΥΠΑΙΘΡΟΝ

Τὴν πρωΐαν τῆς χθὲς ἀνευρέθη νεκρὸς εἰς τὴν ὕπαιθρον ὁ Σ. Μαυρίδης, ἐτῶν 65.

Ο ΖΑΚ ΣΟΥΣΤΕΛ ΑΠΗΛΑΘΗ ΕΚ ΤΗΣ ΕΛΒΕΤΙΑΣ ΟΠΟΥ ΕΙΣΗΛΘΕ ΜΕ ΠΛΑΣΤΟΝ ΟΝΟΜΑ ΚΑΙ ΚΑΤΕΦΥΓΕΝ ΕΚ ΝΕΟΥ ΕΙΣ ΤΗΝ ΙΤΑΛΙΑΝ

ΛΩΖΑΝΝΗ, 2. (Ρώυτερ).— Ὁ πρώην Γάλλος ὑπουργὸς Ζὰκ Σουστὲλ ἀπηλάθη ἐκ τῆς Ἑλβετίας, εἰς τὴν ὁποίαν εἶχεν εἰσέλθει μὲ πλαστὸν διαβατήριον. Ὁ Σουστὲλ, ὁ ὁποῖος καταζητεῖται ὑπὸ τῶν γαλλικῶν ἀρχῶν διὰ συμμετοχὴν εἰς τὴν ΟΑΣ, κατέφυγεν ἐκ νέου εἰς τὴν Ἰταλίαν. Αἱ ἑλβετικαὶ ἀρχαὶ ἀνεκοίνωσαν ὅτι ἡ ἀπέλασις ἐγένετο λόγῳ τῆς παρανόμου εἰσόδου του εἰς τὴν χώραν. Ὁ Σουστὲλ ἠρνήθη νὰ προβῇ εἰς δηλώσεις.

ΝΕΑ ΕΠΕΙΣΟΔΙΑ ΕΣΗΜΕΙΩΘΗΣΑΝ ΕΙΣ ΓΚΑΜΠΟΝ ΜΕΤΑΞΥ ΟΠΑΔΩΝ ΤΟΥ ΠΡΟΕΔΡΟΥ Μ᾽ΜΠΑ ΚΑΙ ΤΑΡΑΧΟΠΟΙΩΝ ΤΗΣ ΑΝΤΙΠΟΛΙΤΕΥΣΕΩΣ

ΛΙΜΠΡΕΒΙΛ, 2. (Γαλλ. Πρακτ.).— Νέα ἐπεισόδια ἐσημειώθησαν εἰς τὴν πρωτεύουσαν τῆς Γκαμπὸν μεταξὺ ὀπαδῶν τοῦ προέδρου Λεὸν Μ᾽Μπὰ καὶ ταραχοποιῶν τῆς ἀντιπολιτεύσεως. Κατὰ τὰς συγκρούσεις ἐτραυματίσθησαν πολλὰ ἄτομα. Αἱ γαλλικαὶ δυνάμεις αἱ ὁποῖαι εὑρίσκονται εἰς τὴν χώραν ἐπενέβησαν διὰ τὴν ἀποκατάστασιν τῆς τάξεως. Ὁ πρόεδρος Μ᾽Μπὰ ἀνεκοίνωσεν ὅτι οἱ ὑπαίτιοι θὰ τιμωρηθοῦν αὐστηρῶς καὶ ὅτι ἡ κυβέρνησίς του ἐλέγχει πλήρως τὴν κατάστασιν.

ΕΙΣ ΤΗΝ ΑΝΩΤΕΡΑΝ ΠΑΙΔΕΙΑΝ ΕΝΤΑΣΣΟΝΤΑΙ ΟΛΑΙ ΑΙ ΣΧΟΛΑΙ ΤΩΝ ΡΑΔΙΟΗΛΕΚΤΡΟΛΟΓΩΝ

ΑΘΗΝΑΙ, 2.— Διὰ διατάγματος τὸ ὁποῖον ἐδημοσιεύθη εἰς τὴν Ἐφημερίδα τῆς Κυβερνήσεως, ἐντάσσονται εἰς τὴν ἀνωτέραν παιδείαν ὅλαι αἱ σχολαὶ τῶν ραδιοηλεκτρολόγων. Οἱ ἀπόφοιτοι τῶν σχολῶν τούτων θὰ ἀναγνωρίζωνται ὡς πτυχιοῦχοι ἀνωτέρων σχολῶν καὶ θὰ δύνανται νὰ διορίζωνται εἰς τὰς δημοσίας ὑπηρεσίας. Ἡ ἀπόφασις ἐλήφθη κατόπιν μελέτης τοῦ Ὑπουργείου Παιδείας.

ΕΙΣ ΑΘΗΝΑΣ

ΑΘΗΝΑΙ, 2.— Εἰς τὴν αἴθουσαν τοῦ Πολυτεχνείου ἔλαβε χώραν ἡ τελετὴ ἀπονομῆς πτυχίων εἰς τοὺς ἀποφοίτους.

ΤΑ ΑΙΤΗΜΑΤΑ ΤΗΣ ΠΑΜΜΥΛΕΡΓΑΤ.ΚΗΣ ΕΝΩΣΕΩΣ

Εἰς ἀνακοίνωσίν της ἡ Παμμυλεργατικὴ Ἕνωσις Ἑλλάδος ἀναφέρει ὅτι τὰ αἰτήματα τῶν μυλεργατῶν δὲν ἔχουν εἰσέτι ἱκανοποιηθῆ. Ζητεῖται ἡ αὔξησις τῶν ἡμερομισθίων, ἡ καθιέρωσις τοῦ ὀκταώρου καὶ ἡ βελτίωσις τῶν ὅρων ἀσφαλίσεως. Ἡ Ἕνωσις προειδοποιεῖ ὅτι ἐὰν δὲν ἱκανοποιηθοῦν τὰ αἰτήματα θὰ προβῇ εἰς συνδικαλιστικὰς ἐνεργείας.
